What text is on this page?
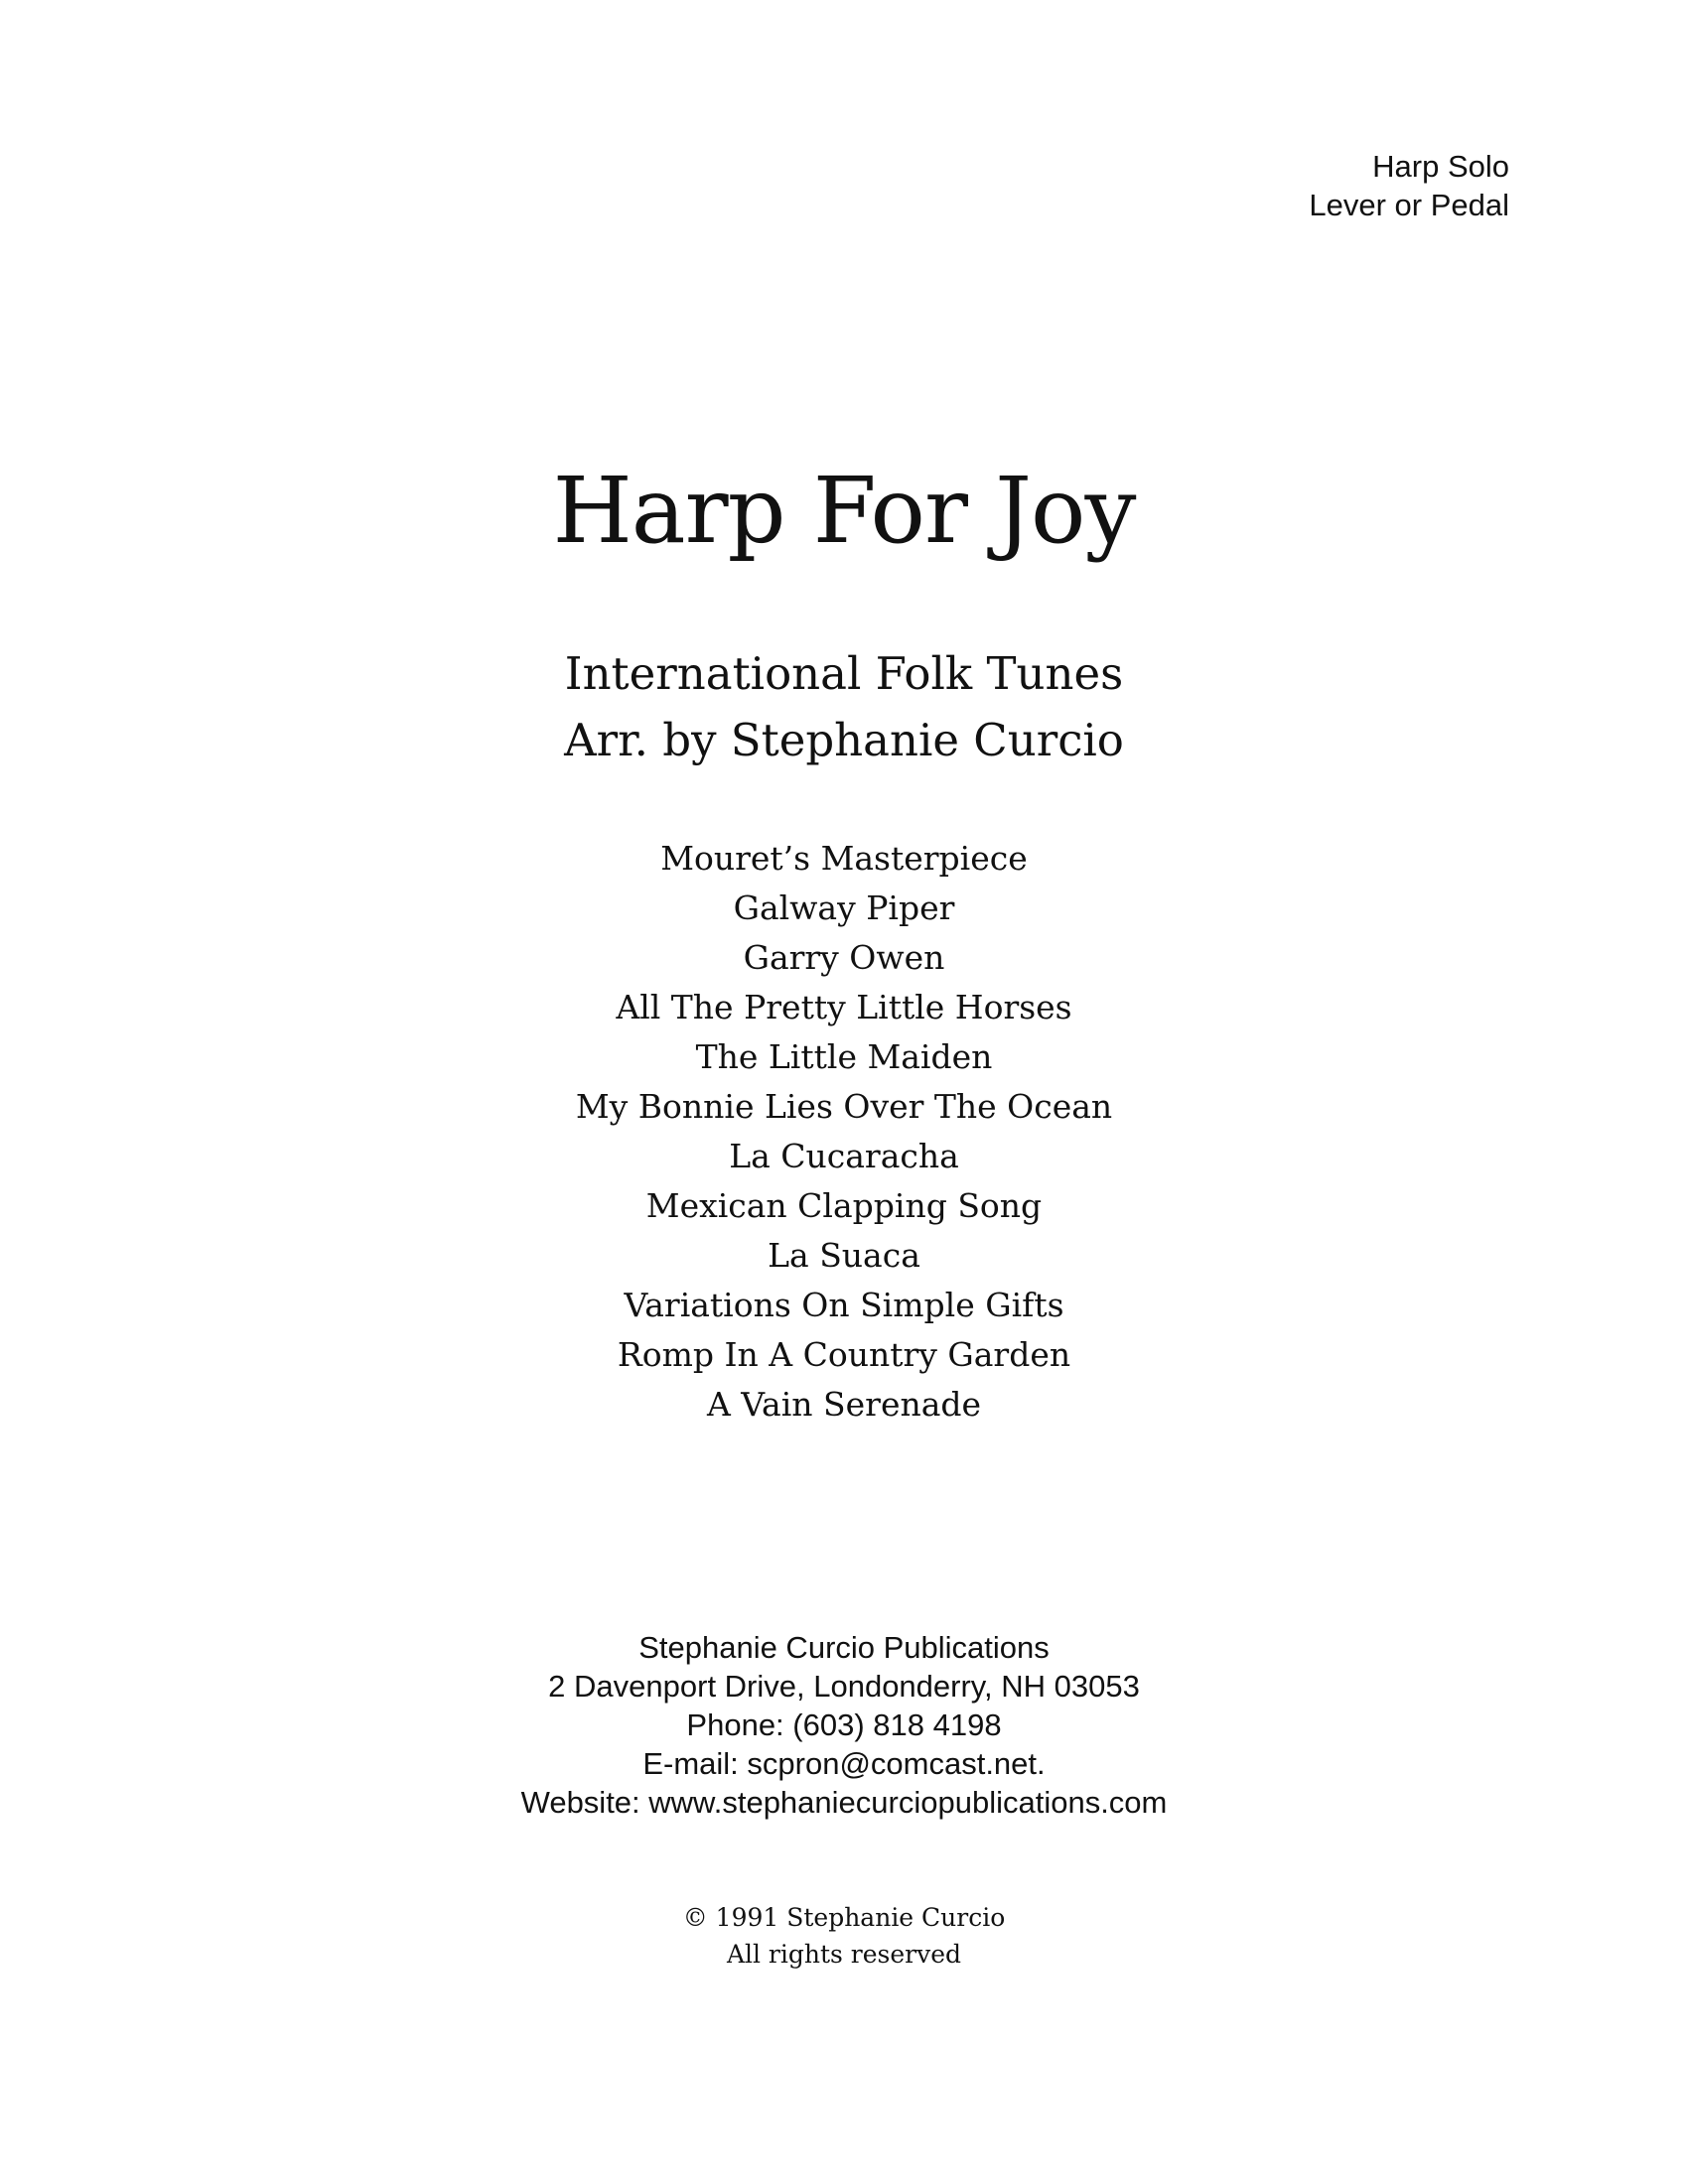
Harp Solo
Lever or Pedal
Harp For Joy
International Folk Tunes
Arr. by Stephanie Curcio
Mouret’s Masterpiece
Galway Piper
Garry Owen
All The Pretty Little Horses
The Little Maiden
My Bonnie Lies Over The Ocean
La Cucaracha
Mexican Clapping Song
La Suaca
Variations On Simple Gifts
Romp In A Country Garden
A Vain Serenade
Stephanie Curcio Publications
2 Davenport Drive, Londonderry, NH 03053
Phone: (603) 818 4198
E-mail: scpron@comcast.net.
Website: www.stephaniecurciopublications.com
© 1991 Stephanie Curcio
All rights reserved
